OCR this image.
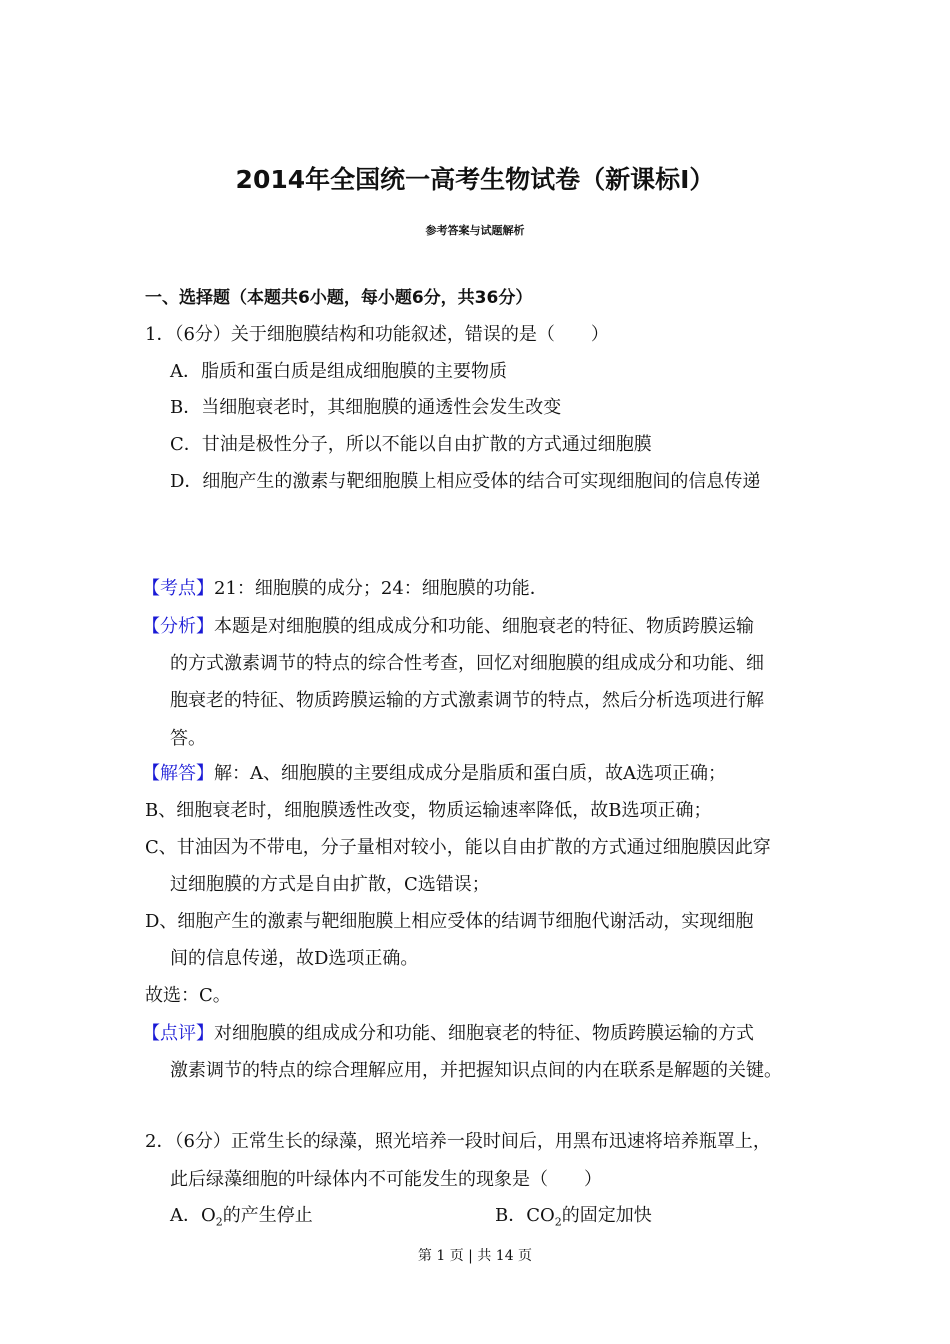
2014年全国统一高考生物试卷（新课标Ⅰ）
参考答案与试题解析
一、选择题（本题共6小题，每小题6分，共36分）
1．（6分）关于细胞膜结构和功能叙述，错误的是（　　）
A．脂质和蛋白质是组成细胞膜的主要物质
B．当细胞衰老时，其细胞膜的通透性会发生改变
C．甘油是极性分子，所以不能以自由扩散的方式通过细胞膜
D．细胞产生的激素与靶细胞膜上相应受体的结合可实现细胞间的信息传递
【考点】21：细胞膜的成分；24：细胞膜的功能．
【分析】本题是对细胞膜的组成成分和功能、细胞衰老的特征、物质跨膜运输
的方式激素调节的特点的综合性考查，回忆对细胞膜的组成成分和功能、细
胞衰老的特征、物质跨膜运输的方式激素调节的特点，然后分析选项进行解
答。
【解答】解：A、细胞膜的主要组成成分是脂质和蛋白质，故A选项正确；
B、细胞衰老时，细胞膜透性改变，物质运输速率降低，故B选项正确；
C、甘油因为不带电，分子量相对较小，能以自由扩散的方式通过细胞膜因此穿
过细胞膜的方式是自由扩散，C选错误；
D、细胞产生的激素与靶细胞膜上相应受体的结调节细胞代谢活动，实现细胞
间的信息传递，故D选项正确。
故选：C。
【点评】对细胞膜的组成成分和功能、细胞衰老的特征、物质跨膜运输的方式
激素调节的特点的综合理解应用，并把握知识点间的内在联系是解题的关键。
2．（6分）正常生长的绿藻，照光培养一段时间后，用黑布迅速将培养瓶罩上，
此后绿藻细胞的叶绿体内不可能发生的现象是（　　）
A．$O_2$的产生停止	B．$CO_2$的固定加快
第 1 页 | 共 14 页
